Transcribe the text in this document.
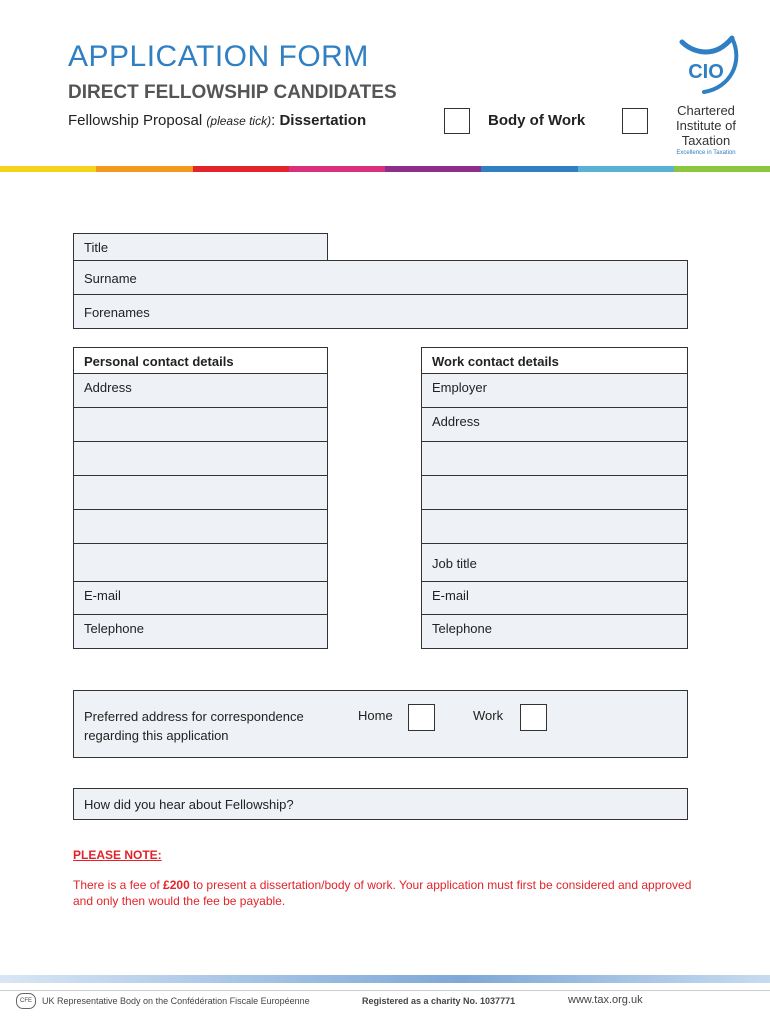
APPLICATION FORM
DIRECT FELLOWSHIP CANDIDATES
Fellowship Proposal (please tick): Dissertation	Body of Work
CIO
Chartered
Institute of
Taxation
Excellence in Taxation
Title
Surname
Forenames
Personal contact details
Address
E-mail
Telephone
Work contact details
Employer
Address
Job title
E-mail
Telephone
Preferred address for correspondence
regarding this application
Home	Work
How did you hear about Fellowship?
PLEASE NOTE:
There is a fee of £200 to present a dissertation/body of work. Your application must first be considered and approved and only then would the fee be payable.
CFE	UK Representative Body on the Confédération Fiscale Européenne	Registered as a charity No. 1037771	www.tax.org.uk
